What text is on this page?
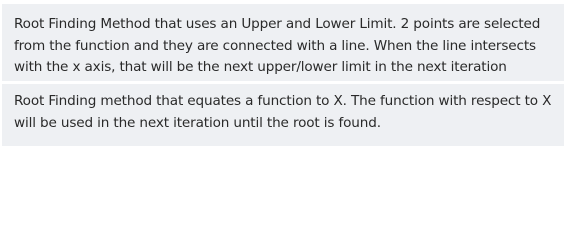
Root Finding Method that uses an Upper and Lower Limit. 2 points are selected from the function and they are connected with a line. When the line intersects with the x axis, that will be the next upper/lower limit in the next iteration

Root Finding method that equates a function to X. The function with respect to X will be used in the next iteration until the root is found.
